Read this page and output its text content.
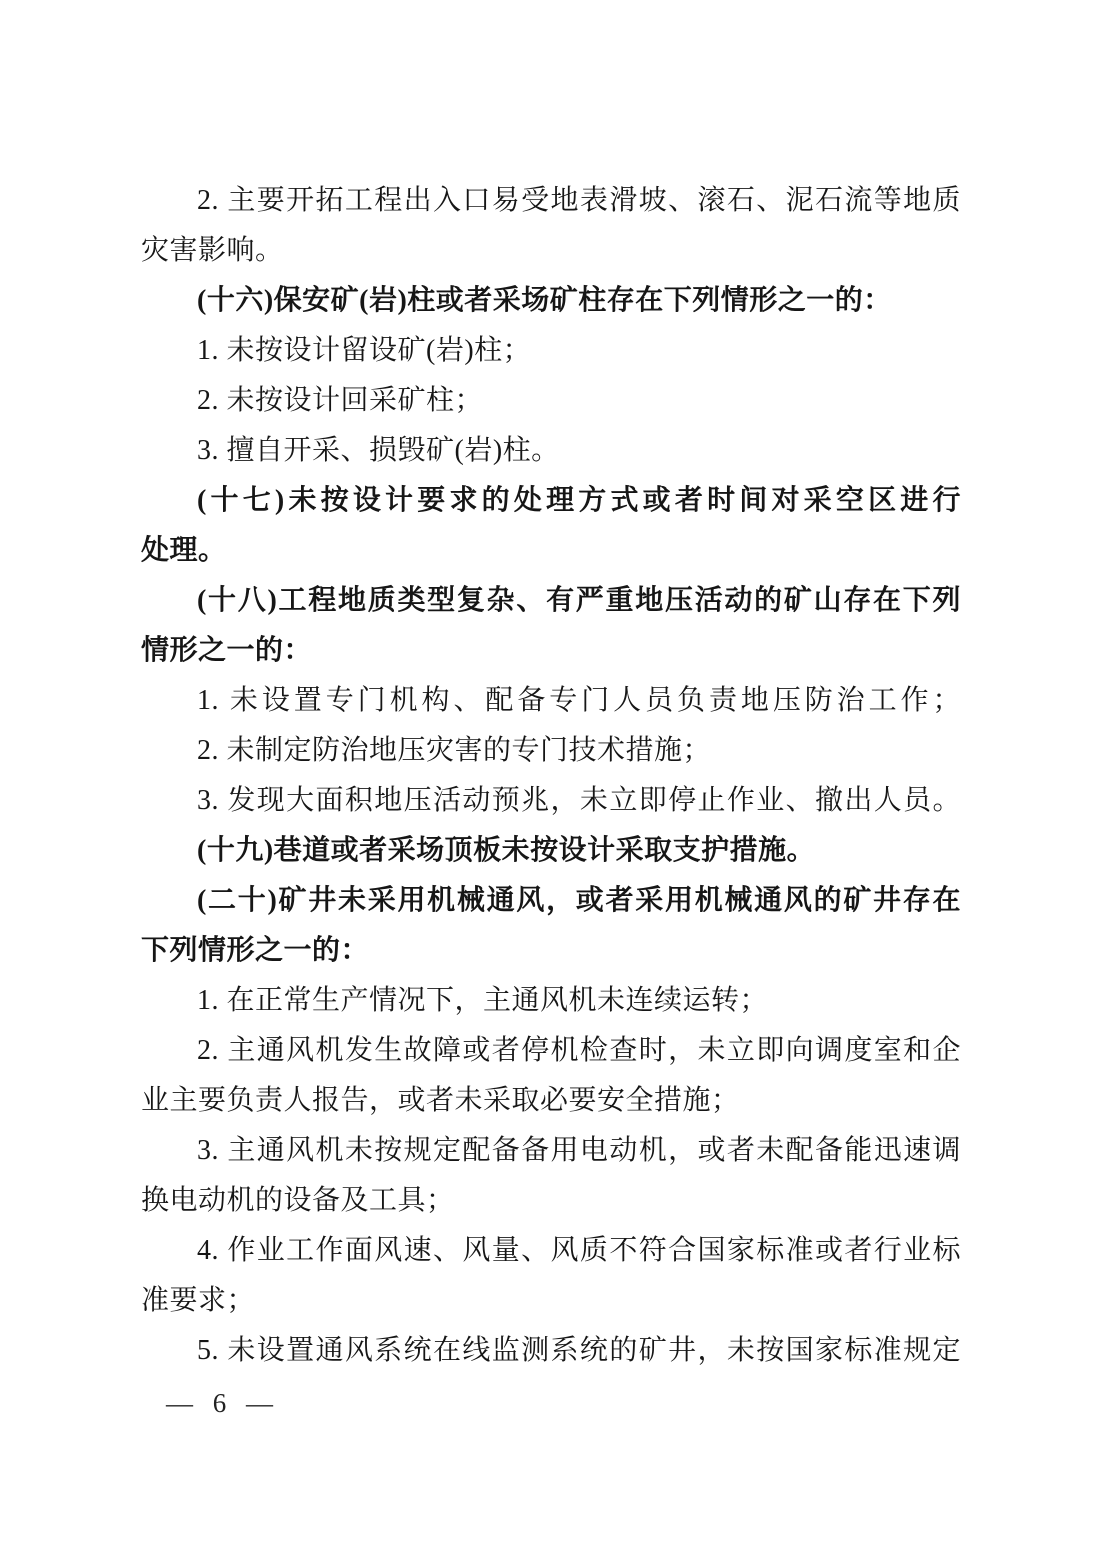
2. 主要开拓工程出入口易受地表滑坡、滚石、泥石流等地质
灾害影响。
(十六)保安矿(岩)柱或者采场矿柱存在下列情形之一的：
1. 未按设计留设矿(岩)柱；
2. 未按设计回采矿柱；
3. 擅自开采、损毁矿(岩)柱。
(十七)未按设计要求的处理方式或者时间对采空区进行
处理。
(十八)工程地质类型复杂、有严重地压活动的矿山存在下列
情形之一的：
1. 未设置专门机构、配备专门人员负责地压防治工作；
2. 未制定防治地压灾害的专门技术措施；
3. 发现大面积地压活动预兆，未立即停止作业、撤出人员。
(十九)巷道或者采场顶板未按设计采取支护措施。
(二十)矿井未采用机械通风，或者采用机械通风的矿井存在
下列情形之一的：
1. 在正常生产情况下，主通风机未连续运转；
2. 主通风机发生故障或者停机检查时，未立即向调度室和企
业主要负责人报告，或者未采取必要安全措施；
3. 主通风机未按规定配备备用电动机，或者未配备能迅速调
换电动机的设备及工具；
4. 作业工作面风速、风量、风质不符合国家标准或者行业标
准要求；
5. 未设置通风系统在线监测系统的矿井，未按国家标准规定
— 6 —
